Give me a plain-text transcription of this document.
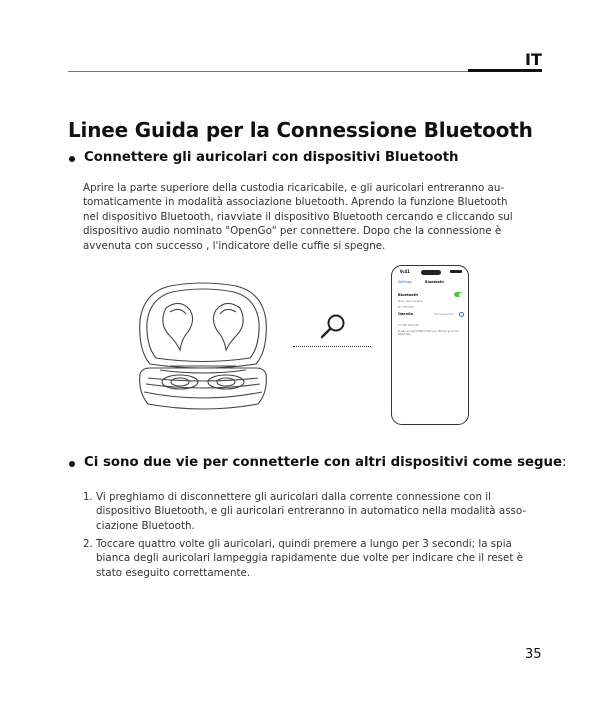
IT
Linee Guida per la Connessione Bluetooth
Connettere gli auricolari con dispositivi Bluetooth
Aprire la parte superiore della custodia ricaricabile, e gli auricolari entreranno au-
tomaticamente in modalità associazione bluetooth. Aprendo la funzione Bluetooth
nel dispositivo Bluetooth, riavviate il dispositivo Bluetooth cercando e cliccando sul
dispositivo audio nominato "OpenGo" per connettere. Dopo che la connessione è
avvenuta con successo , l'indicatore delle cuffie si spegne.
9:41
Settings	Bluetooth
Bluetooth
Now discoverable
MY DEVICES
OpenGo	Not Connected
OTHER DEVICES
To pair an Apple Watch with your iPhone, go to the Watch app.
Ci sono due vie per connetterle con altri dispositivi come segue:
1. Vi preghiamo di disconnettere gli auricolari dalla corrente connessione con il
dispositivo Bluetooth, e gli auricolari entreranno in automatico nella modalità asso-
ciazione Bluetooth.
2. Toccare quattro volte gli auricolari, quindi premere a lungo per 3 secondi; la spia
bianca degli auricolari lampeggia rapidamente due volte per indicare che il reset è
stato eseguito correttamente.
35
